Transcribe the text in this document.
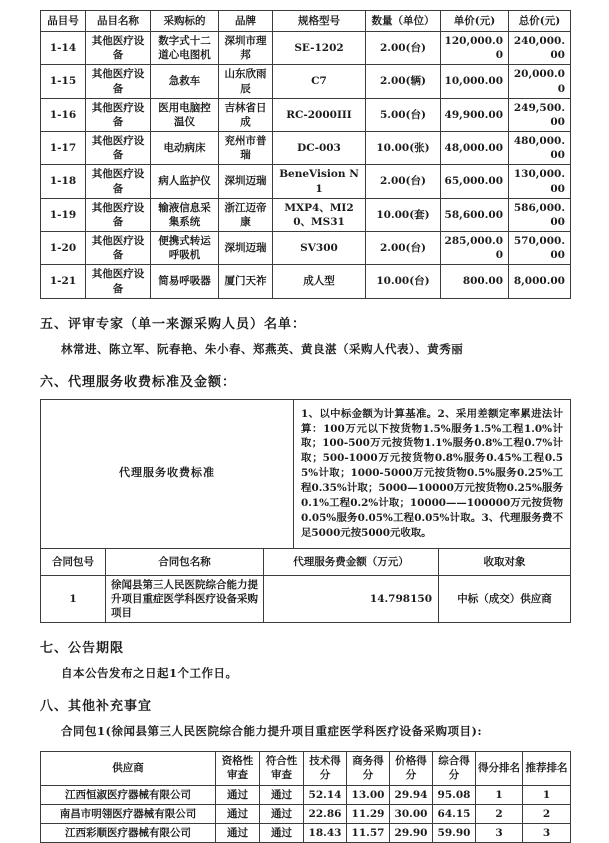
品目号	品目名称	采购标的	品牌	规格型号	数量（单位）	单价(元)	总价(元)
1-14	其他医疗设备	数字式十二道心电图机	深圳市理邦	SE-1202	2.00(台)	120,000.00	240,000.00
1-15	其他医疗设备	急救车	山东欣雨辰	C7	2.00(辆)	10,000.00	20,000.00
1-16	其他医疗设备	医用电脑控温仪	吉林省日成	RC-2000III	5.00(台)	49,900.00	249,500.00
1-17	其他医疗设备	电动病床	兖州市普瑞	DC-003	10.00(张)	48,000.00	480,000.00
1-18	其他医疗设备	病人监护仪	深圳迈瑞	BeneVision N1	2.00(台)	65,000.00	130,000.00
1-19	其他医疗设备	输液信息采集系统	浙江迈帝康	MXP4、MI20、MS31	10.00(套)	58,600.00	586,000.00
1-20	其他医疗设备	便携式转运呼吸机	深圳迈瑞	SV300	2.00(台)	285,000.00	570,000.00
1-21	其他医疗设备	简易呼吸器	厦门天祚	成人型	10.00(台)	800.00	8,000.00
五、评审专家（单一来源采购人员）名单：

林常进、陈立军、阮春艳、朱小春、郑燕英、黄良湛（采购人代表）、黄秀丽

六、代理服务收费标准及金额：
代理服务收费标准	1、以中标金额为计算基准。2、采用差额定率累进法计算：100万元以下按货物1.5%服务1.5%工程1.0%计取；100-500万元按货物1.1%服务0.8%工程0.7%计取；500-1000万元按货物0.8%服务0.45%工程0.55%计取；1000-5000万元按货物0.5%服务0.25%工程0.35%计取；5000—10000万元按货物0.25%服务0.1%工程0.2%计取；10000——100000万元按货物0.05%服务0.05%工程0.05%计取。3、代理服务费不足5000元按5000元收取。
合同包号	合同包名称	代理服务费金额（万元）	收取对象
1	徐闻县第三人民医院综合能力提升项目重症医学科医疗设备采购项目	14.798150	中标（成交）供应商
七、公告期限

自本公告发布之日起1个工作日。

八、其他补充事宜

合同包1(徐闻县第三人民医院综合能力提升项目重症医学科医疗设备采购项目):

供应商	资格性审查	符合性审查	技术得分	商务得分	价格得分	综合得分	得分排名	推荐排名
江西恒淑医疗器械有限公司	通过	通过	52.14	13.00	29.94	95.08	1	1
南昌市明翎医疗器械有限公司	通过	通过	22.86	11.29	30.00	64.15	2	2
江西彩顺医疗器械有限公司	通过	通过	18.43	11.57	29.90	59.90	3	3
